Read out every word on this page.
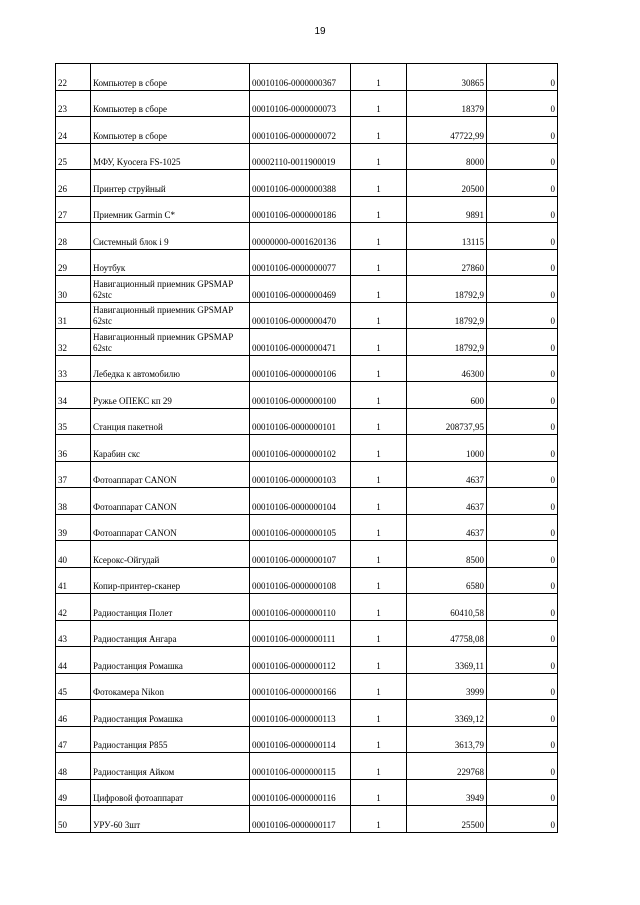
19
22	Компьютер в сборе	00010106-0000000367	1	30865	0
23	Компьютер в сборе	00010106-0000000073	1	18379	0
24	Компьютер в сборе	00010106-0000000072	1	47722,99	0
25	МФУ, Kyocera FS-1025	00002110-0011900019	1	8000	0
26	Принтер струйный	00010106-0000000388	1	20500	0
27	Приемник Garmin C*	00010106-0000000186	1	9891	0
28	Системный блок i 9	00000000-0001620136	1	13115	0
29	Ноутбук	00010106-0000000077	1	27860	0
30	Навигационный приемник GPSMAP 62stc	00010106-0000000469	1	18792,9	0
31	Навигационный приемник GPSMAP 62stc	00010106-0000000470	1	18792,9	0
32	Навигационный приемник GPSMAP 62stc	00010106-0000000471	1	18792,9	0
33	Лебедка к автомобилю	00010106-0000000106	1	46300	0
34	Ружье ОПЕКС кп 29	00010106-0000000100	1	600	0
35	Станция пакетной	00010106-0000000101	1	208737,95	0
36	Карабин скс	00010106-0000000102	1	1000	0
37	Фотоаппарат CANON	00010106-0000000103	1	4637	0
38	Фотоаппарат CANON	00010106-0000000104	1	4637	0
39	Фотоаппарат CANON	00010106-0000000105	1	4637	0
40	Ксерокс-Ойгудай	00010106-0000000107	1	8500	0
41	Копир-принтер-сканер	00010106-0000000108	1	6580	0
42	Радиостанция Полет	00010106-0000000110	1	60410,58	0
43	Радиостанция Ангара	00010106-0000000111	1	47758,08	0
44	Радиостанция Ромашка	00010106-0000000112	1	3369,11	0
45	Фотокамера Nikon	00010106-0000000166	1	3999	0
46	Радиостанция Ромашка	00010106-0000000113	1	3369,12	0
47	Радиостанция Р855	00010106-0000000114	1	3613,79	0
48	Радиостанция Айком	00010106-0000000115	1	229768	0
49	Цифровой фотоаппарат	00010106-0000000116	1	3949	0
50	УРУ-60 3шт	00010106-0000000117	1	25500	0
